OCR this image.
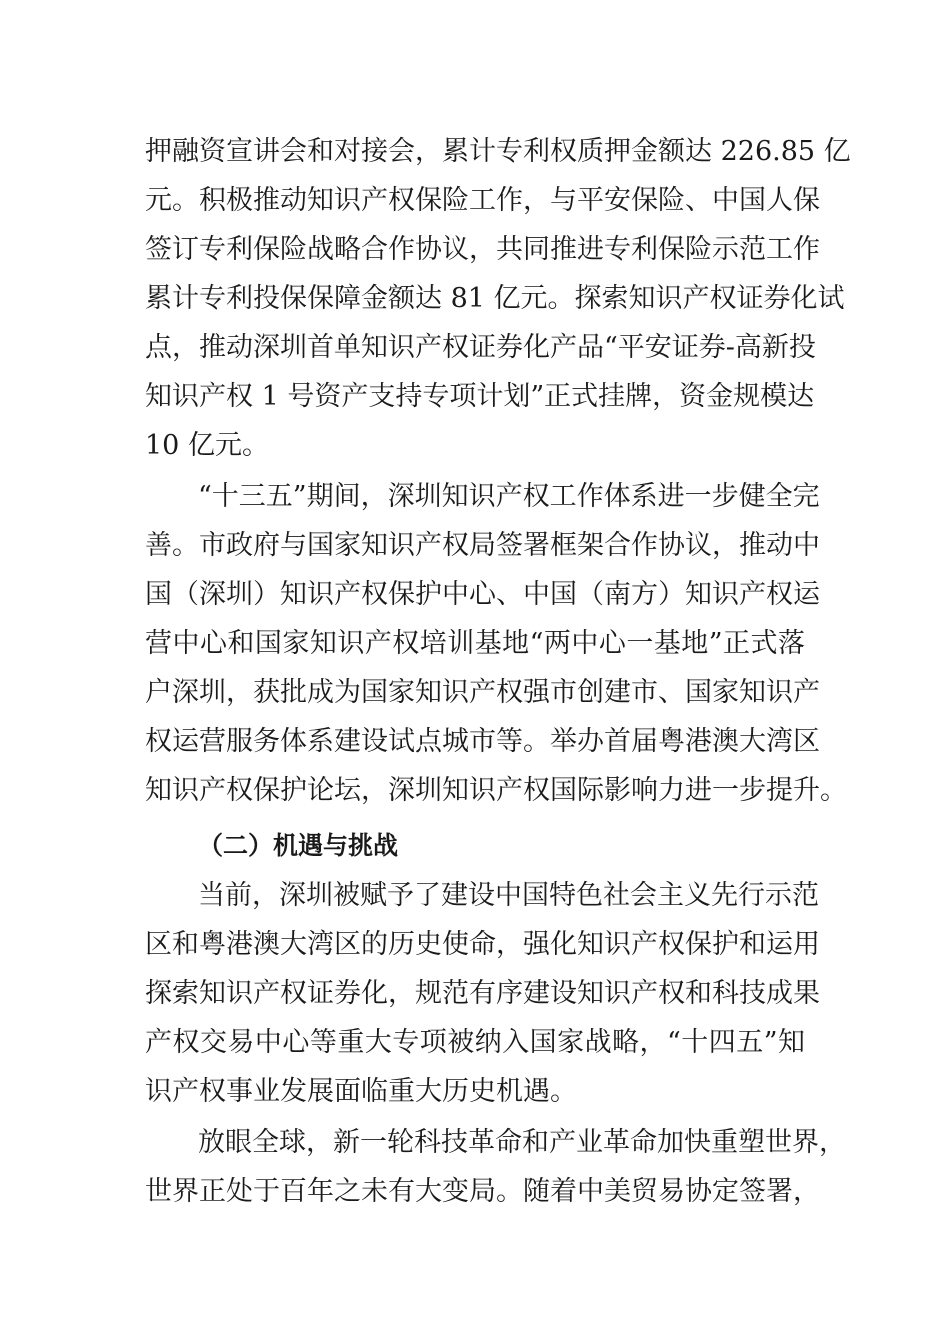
押融资宣讲会和对接会，累计专利权质押金额达 226.85 亿
元。积极推动知识产权保险工作，与平安保险、中国人保
签订专利保险战略合作协议，共同推进专利保险示范工作
累计专利投保保障金额达 81 亿元。探索知识产权证券化试
点，推动深圳首单知识产权证券化产品“平安证券-高新投
知识产权 1 号资产支持专项计划”正式挂牌，资金规模达
10 亿元。
“十三五”期间，深圳知识产权工作体系进一步健全完
善。市政府与国家知识产权局签署框架合作协议，推动中
国（深圳）知识产权保护中心、中国（南方）知识产权运
营中心和国家知识产权培训基地“两中心一基地”正式落
户深圳，获批成为国家知识产权强市创建市、国家知识产
权运营服务体系建设试点城市等。举办首届粤港澳大湾区
知识产权保护论坛，深圳知识产权国际影响力进一步提升。
（二）机遇与挑战
当前，深圳被赋予了建设中国特色社会主义先行示范
区和粤港澳大湾区的历史使命，强化知识产权保护和运用
探索知识产权证券化，规范有序建设知识产权和科技成果
产权交易中心等重大专项被纳入国家战略，“十四五”知
识产权事业发展面临重大历史机遇。
放眼全球，新一轮科技革命和产业革命加快重塑世界，
世界正处于百年之未有大变局。随着中美贸易协定签署，
